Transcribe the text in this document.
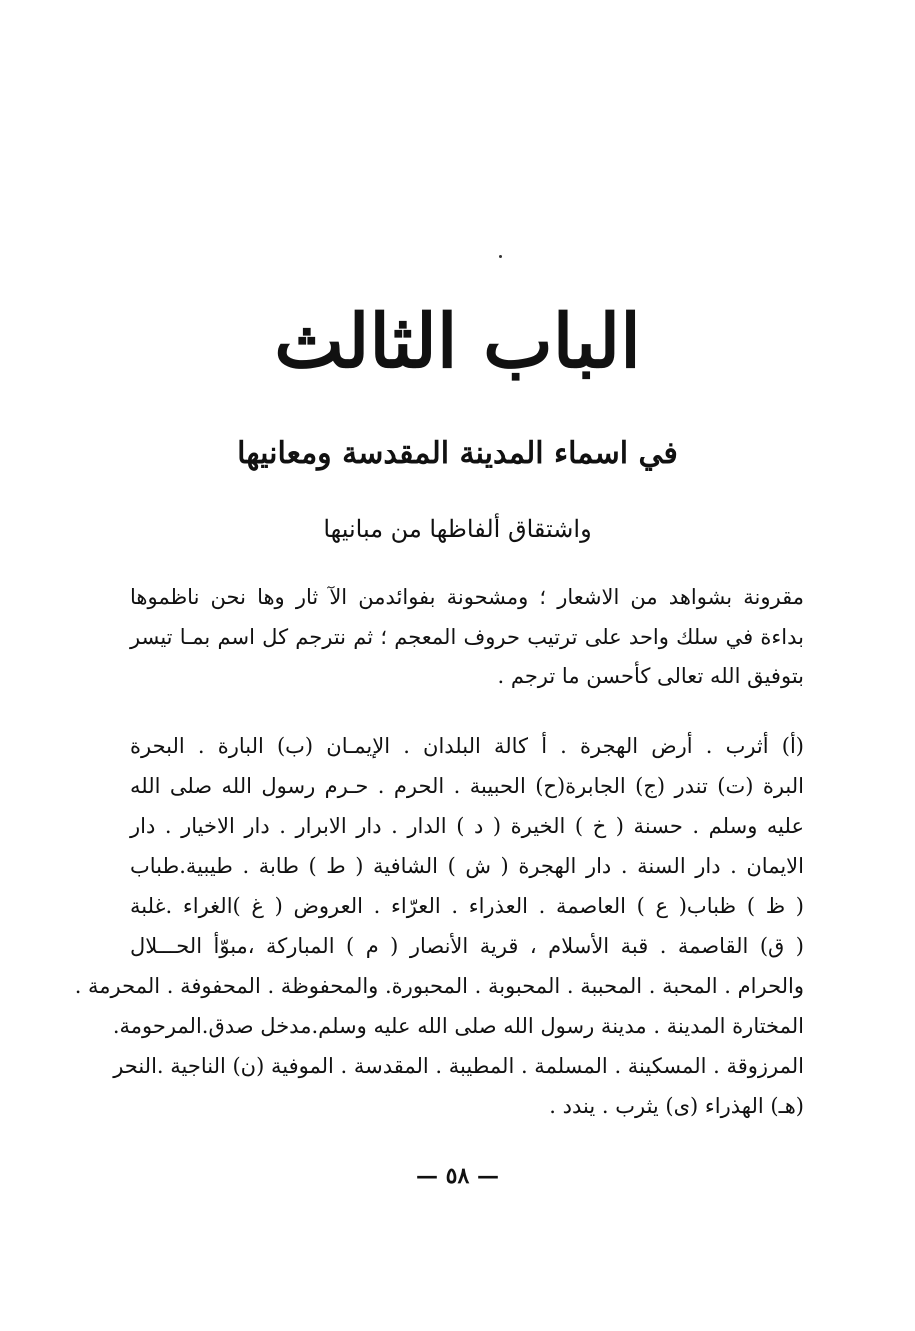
الباب الثالث
في اسماء المدينة المقدسة ومعانيها
واشتقاق ألفاظها من مبانيها
مقرونة بشواهد من الاشعار ؛ ومشحونة بفوائدمن الآ ثار وها نحن ناظموها
بداءة في سلك واحد على ترتيب حروف المعجم ؛ ثم نترجم كل اسم بمـا تيسر
بتوفيق الله تعالى كأحسن ما ترجم .
(أ) أثرب . أرض الهجرة . أ كالة البلدان . الإيمـان (ب) البارة . البحرة
البرة (ت) تندر (ج) الجابرة(ح) الحبيبة . الحرم . حـرم رسول الله صلى الله
عليه وسلم . حسنة ( خ ) الخيرة ( د ) الدار . دار الابرار . دار الاخيار . دار
الايمان . دار السنة . دار الهجرة ( ش ) الشافية ( ط ) طابة . طيبية.طباب
( ظ ) ظباب( ع ) العاصمة . العذراء . العرّاء . العروض ( غ )الغراء .غلبة
( ق) القاصمة . قبة الأسلام ، قرية الأنصار ( م ) المباركة ،مبوّأ الحـــلال
والحرام . المحبة . المحببة . المحبوبة . المحبورة. والمحفوظة . المحفوفة . المحرمة .
المختارة المدينة . مدينة رسول الله صلى الله عليه وسلم.مدخل صدق.المرحومة.
المرزوقة . المسكينة . المسلمة . المطيبة . المقدسة . الموفية (ن) الناجية .النحر
(هـ) الهذراء (ى) يثرب . يندد .
— ٥٨ —
